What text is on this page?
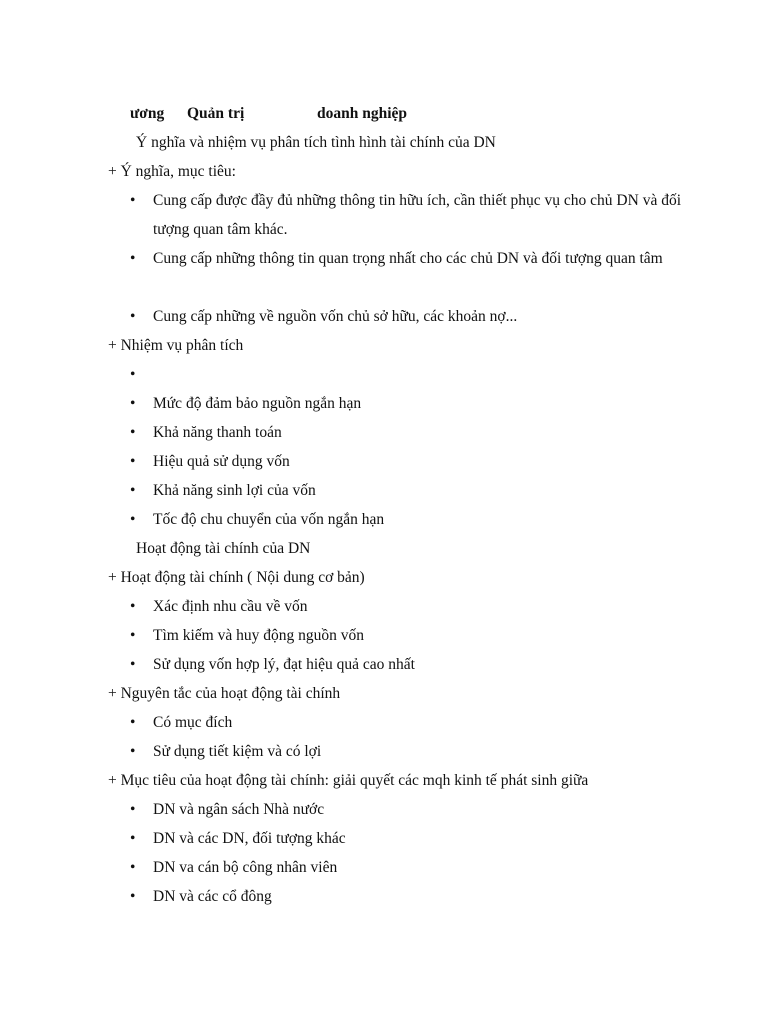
ương Quản trị	doanh nghiệp
Ý nghĩa và nhiệm vụ phân tích tình hình tài chính của DN
+ Ý nghĩa, mục tiêu:
• Cung cấp được đầy đủ những thông tin hữu ích, cần thiết phục vụ cho chủ DN và đối
tượng quan tâm khác.
• Cung cấp những thông tin quan trọng nhất cho các chủ DN và đối tượng quan tâm
• Cung cấp những về nguồn vốn chủ sở hữu, các khoản nợ...
+ Nhiệm vụ phân tích
•
• Mức độ đảm bảo nguồn ngắn hạn
• Khả năng thanh toán
• Hiệu quả sử dụng vốn
• Khả năng sinh lợi của vốn
• Tốc độ chu chuyển của vốn ngắn hạn
Hoạt động tài chính của DN
+ Hoạt động tài chính ( Nội dung cơ bản)
• Xác định nhu cầu về vốn
• Tìm kiếm và huy động nguồn vốn
• Sử dụng vốn hợp lý, đạt hiệu quả cao nhất
+ Nguyên tắc của hoạt động tài chính
• Có mục đích
• Sử dụng tiết kiệm và có lợi
+ Mục tiêu của hoạt động tài chính: giải quyết các mqh kinh tế phát sinh giữa
• DN và ngân sách Nhà nước
• DN và các DN, đối tượng khác
• DN va cán bộ công nhân viên
• DN và các cổ đông
